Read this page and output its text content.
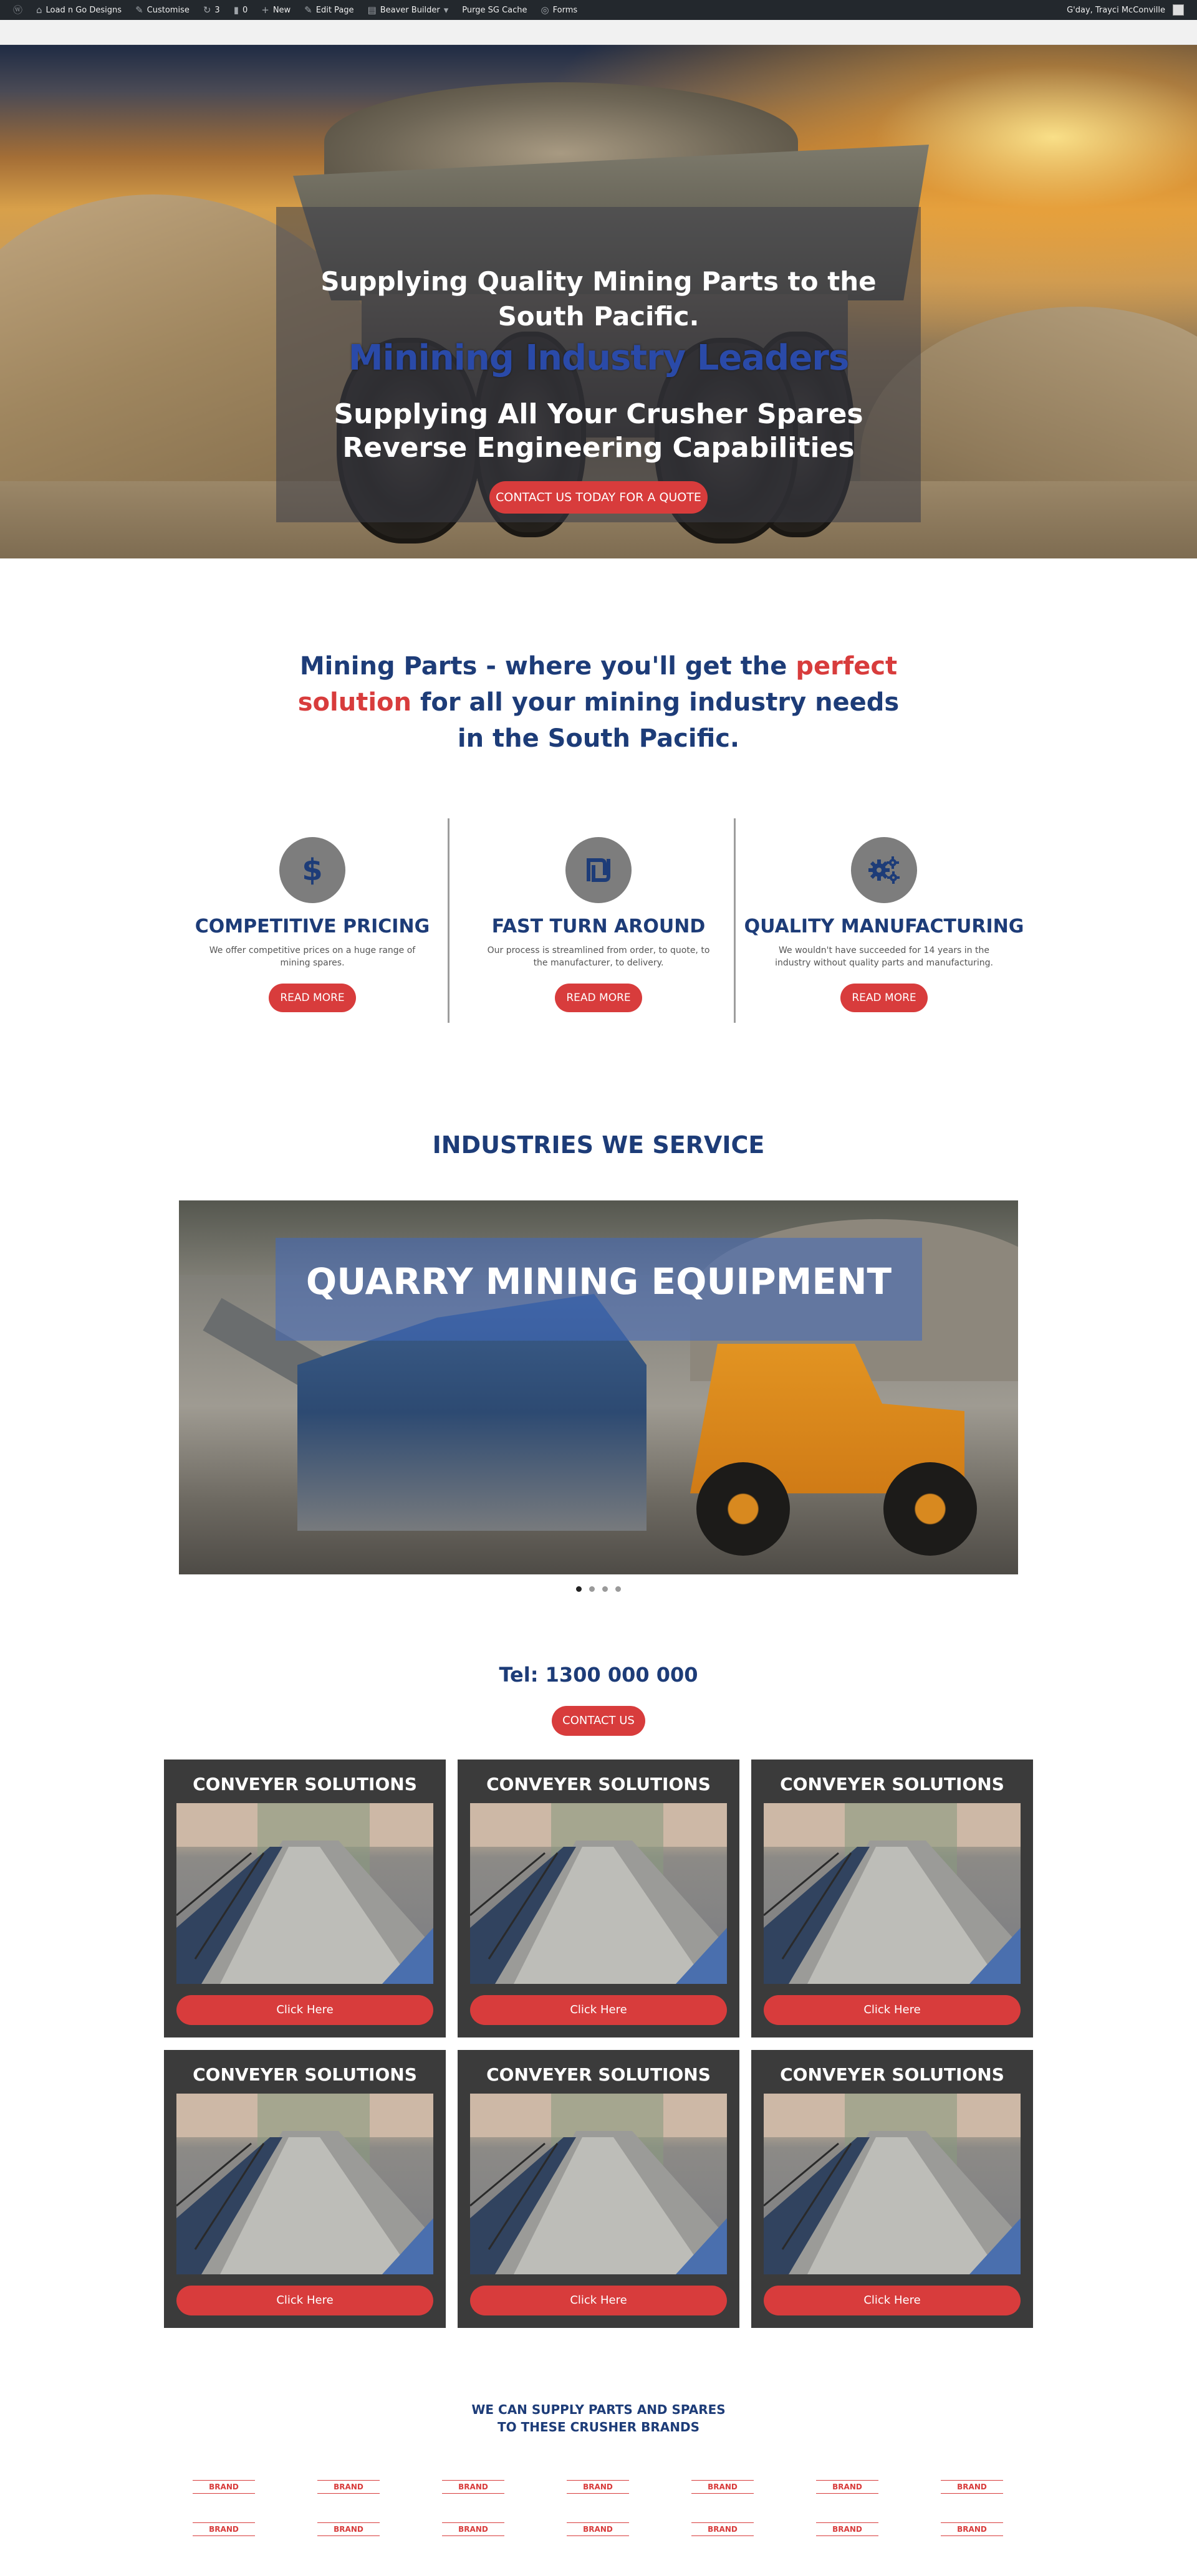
ⓦ ⌂ Load n Go Designs ✎ Customise ↻ 3 ▮ 0 + New ✎ Edit Page ▤ Beaver Builder ▾ Purge SG Cache ◎ Forms	G'day, Trayci McConville
Supplying Quality Mining Parts to the South Pacific.
Minining Industry Leaders
Supplying All Your Crusher Spares
Reverse Engineering Capabilities
CONTACT US TODAY FOR A QUOTE
Mining Parts - where you'll get the perfect solution for all your mining industry needs in the South Pacific.
$
COMPETITIVE PRICING
We offer competitive prices on a huge range of mining spares.
READ MORE
FAST TURN AROUND
Our process is streamlined from order, to quote, to the manufacturer, to delivery.
READ MORE
QUALITY MANUFACTURING
We wouldn't have succeeded for 14 years in the industry without quality parts and manufacturing.
READ MORE
INDUSTRIES WE SERVICE
QUARRY MINING EQUIPMENT
Tel: 1300 000 000
CONTACT US
CONVEYER SOLUTIONS
Click Here
CONVEYER SOLUTIONS
Click Here
CONVEYER SOLUTIONS
Click Here
CONVEYER SOLUTIONS
Click Here
CONVEYER SOLUTIONS
Click Here
CONVEYER SOLUTIONS
Click Here
WE CAN SUPPLY PARTS AND SPARES
TO THESE CRUSHER BRANDS
BRAND	BRAND	BRAND	BRAND	BRAND	BRAND	BRAND
BRAND	BRAND	BRAND	BRAND	BRAND	BRAND	BRAND
